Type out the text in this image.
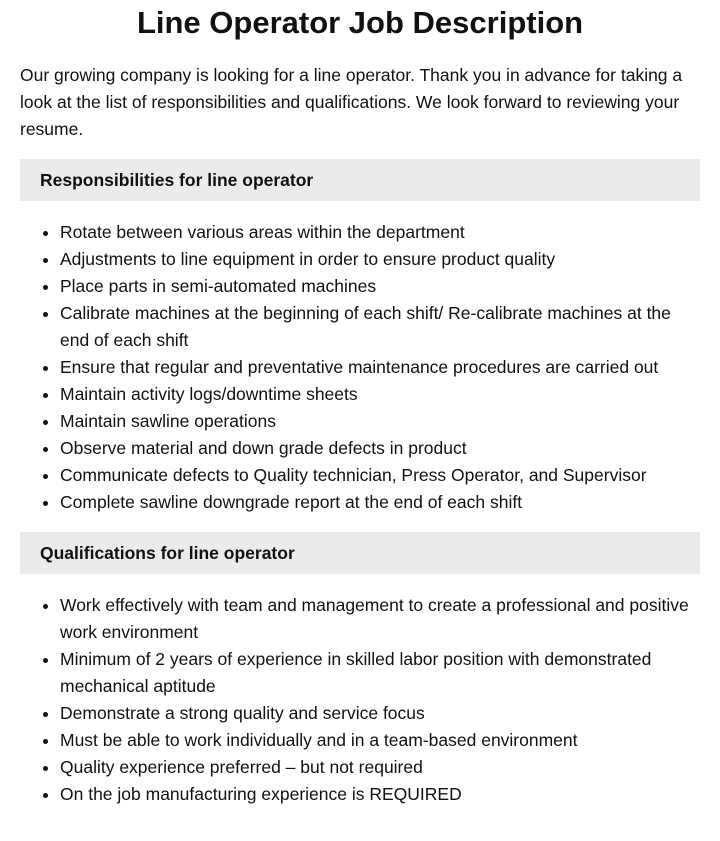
Line Operator Job Description

Our growing company is looking for a line operator. Thank you in advance for taking a look at the list of responsibilities and qualifications. We look forward to reviewing your resume.

Responsibilities for line operator
• Rotate between various areas within the department
• Adjustments to line equipment in order to ensure product quality
• Place parts in semi-automated machines
• Calibrate machines at the beginning of each shift/ Re-calibrate machines at the end of each shift
• Ensure that regular and preventative maintenance procedures are carried out
• Maintain activity logs/downtime sheets
• Maintain sawline operations
• Observe material and down grade defects in product
• Communicate defects to Quality technician, Press Operator, and Supervisor
• Complete sawline downgrade report at the end of each shift
Qualifications for line operator
• Work effectively with team and management to create a professional and positive work environment
• Minimum of 2 years of experience in skilled labor position with demonstrated mechanical aptitude
• Demonstrate a strong quality and service focus
• Must be able to work individually and in a team-based environment
• Quality experience preferred – but not required
• On the job manufacturing experience is REQUIRED
